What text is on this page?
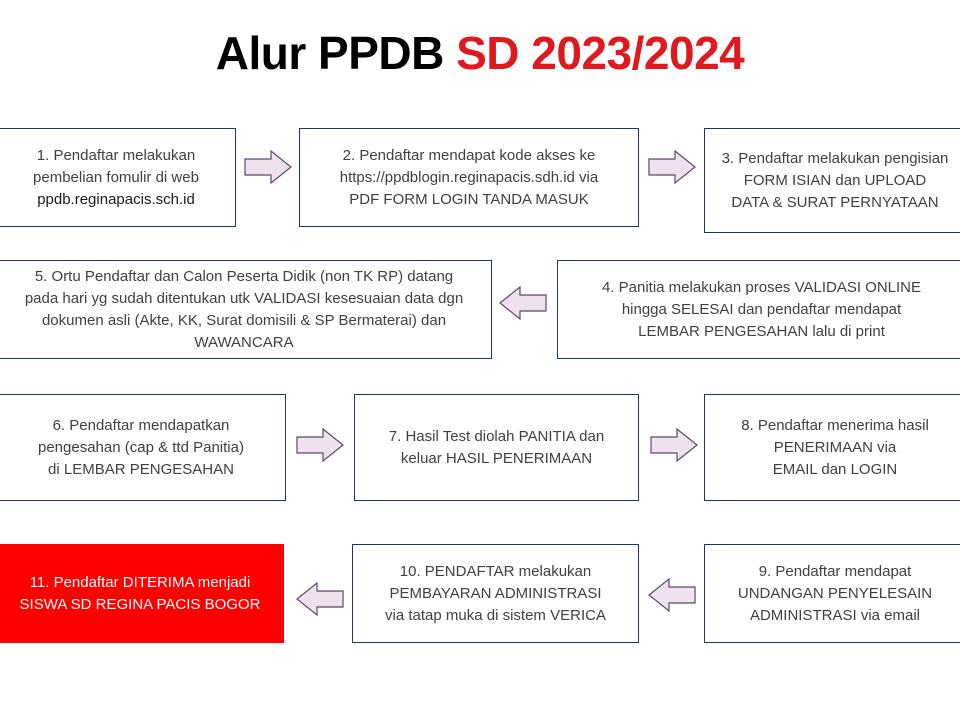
Alur PPDB SD 2023/2024
1. Pendaftar melakukan
pembelian fomulir di web
ppdb.reginapacis.sch.id
2. Pendaftar mendapat kode akses ke
https://ppdblogin.reginapacis.sdh.id via
PDF FORM LOGIN TANDA MASUK
3. Pendaftar melakukan pengisian
FORM ISIAN dan UPLOAD
DATA & SURAT PERNYATAAN
5. Ortu Pendaftar dan Calon Peserta Didik (non TK RP) datang
pada hari yg sudah ditentukan utk VALIDASI kesesuaian data dgn
dokumen asli (Akte, KK, Surat domisili & SP Bermaterai) dan
WAWANCARA
4. Panitia melakukan proses VALIDASI ONLINE
hingga SELESAI dan pendaftar mendapat
LEMBAR PENGESAHAN lalu di print
6. Pendaftar mendapatkan
pengesahan (cap & ttd Panitia)
di LEMBAR PENGESAHAN
7. Hasil Test diolah PANITIA dan
keluar HASIL PENERIMAAN
8. Pendaftar menerima hasil
PENERIMAAN via
EMAIL dan LOGIN
11. Pendaftar DITERIMA menjadi
SISWA SD REGINA PACIS BOGOR
10. PENDAFTAR melakukan
PEMBAYARAN ADMINISTRASI
via tatap muka di sistem VERICA
9. Pendaftar mendapat
UNDANGAN PENYELESAIN
ADMINISTRASI via email
